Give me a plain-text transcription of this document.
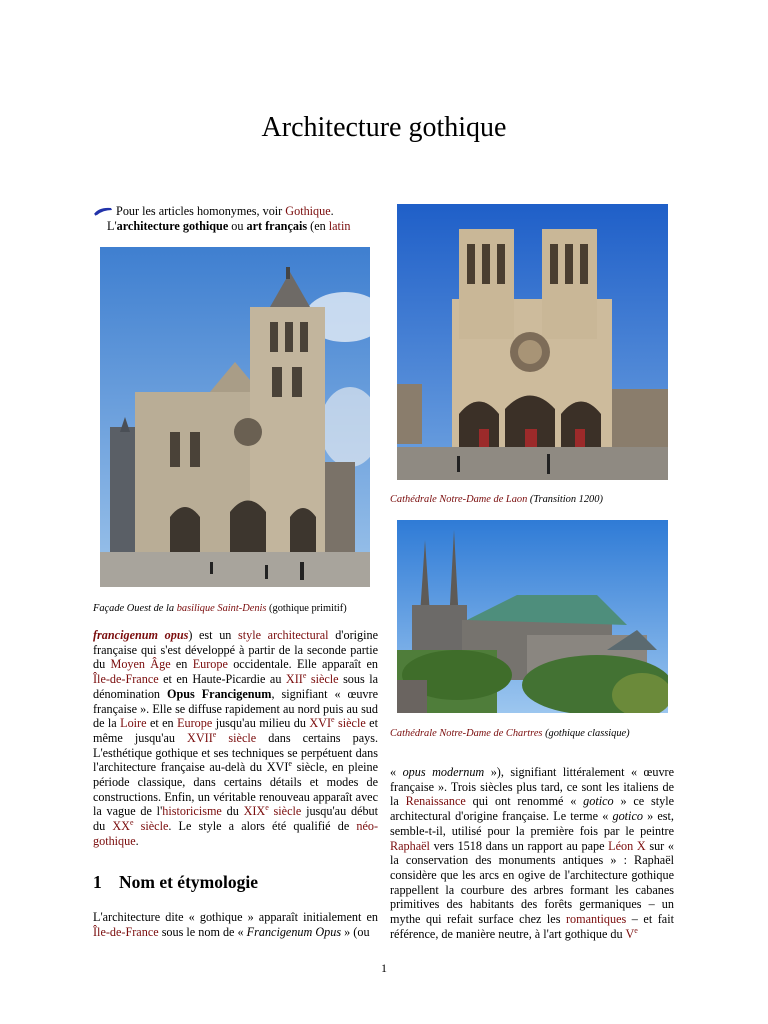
Architecture gothique
Pour les articles homonymes, voir Gothique.
L'architecture gothique ou art français (en latin
Façade Ouest de la basilique Saint-Denis (gothique primitif)

francigenum opus) est un style architectural d'origine française qui s'est développé à partir de la seconde partie du Moyen Âge en Europe occidentale. Elle apparaît en Île-de-France et en Haute-Picardie au XIIe siècle sous la dénomination Opus Francigenum, signifiant « œuvre française ». Elle se diffuse rapidement au nord puis au sud de la Loire et en Europe jusqu'au milieu du XVIe siècle et même jusqu'au XVIIe siècle dans certains pays. L'esthétique gothique et ses techniques se perpétuent dans l'architecture française au-delà du XVIe siècle, en pleine période classique, dans certains détails et modes de constructions. Enfin, un véritable renouveau apparaît avec la vague de l'historicisme du XIXe siècle jusqu'au début du XXe siècle. Le style a alors été qualifié de néo-gothique.

1 Nom et étymologie

L'architecture dite « gothique » apparaît initialement en Île-de-France sous le nom de « Francigenum Opus » (ou

Cathédrale Notre-Dame de Laon (Transition 1200)
Cathédrale Notre-Dame de Chartres (gothique classique)

« opus modernum »), signifiant littéralement « œuvre française ». Trois siècles plus tard, ce sont les italiens de la Renaissance qui ont renommé « gotico » ce style architectural d'origine française. Le terme « gotico » est, semble-t-il, utilisé pour la première fois par le peintre Raphaël vers 1518 dans un rapport au pape Léon X sur « la conservation des monuments antiques » : Raphaël considère que les arcs en ogive de l'architecture gothique rappellent la courbure des arbres formant les cabanes primitives des habitants des forêts germaniques – un mythe qui refait surface chez les romantiques – et fait référence, de manière neutre, à l'art gothique du Ve

1
